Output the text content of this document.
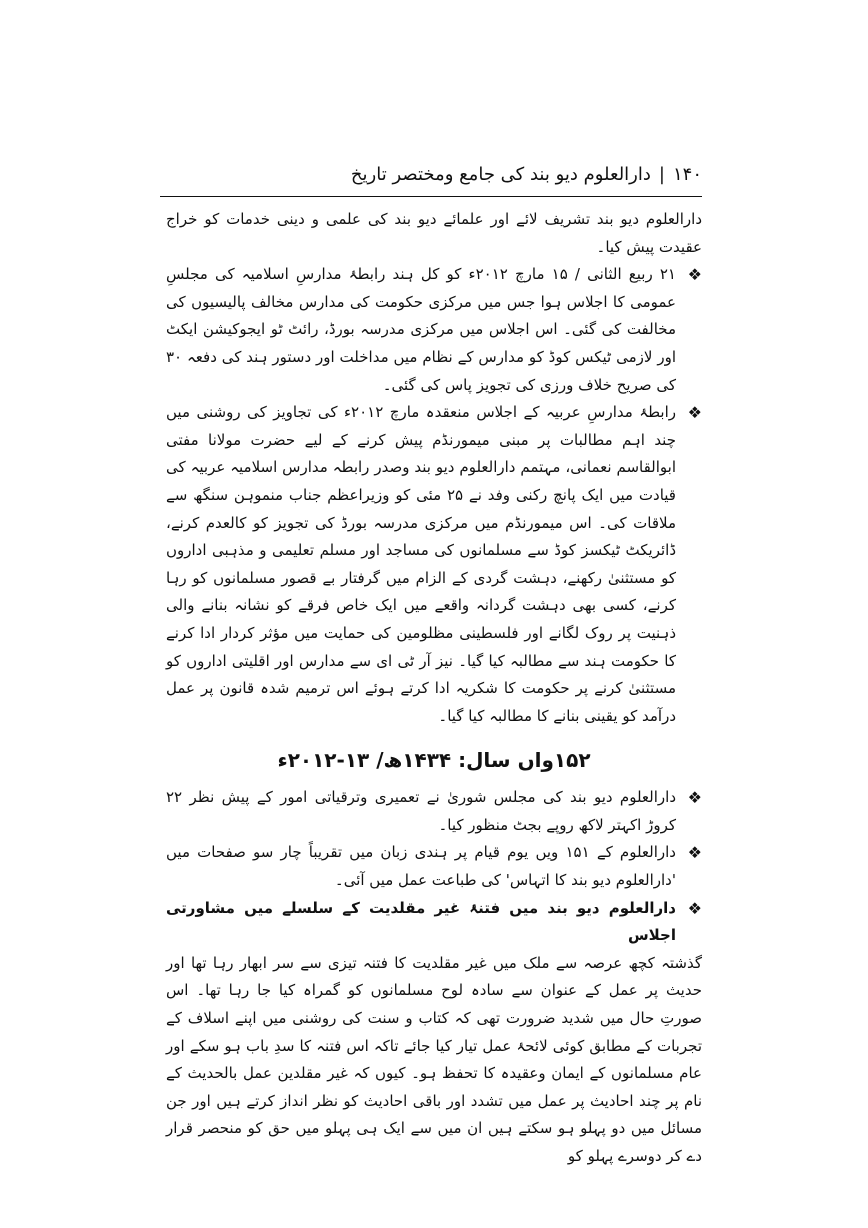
۱۴۰
|
دارالعلوم دیو بند کی جامع ومختصر تاریخ

دارالعلوم دیو بند تشریف لائے اور علمائے دیو بند کی علمی و دینی خدمات کو خراج عقیدت پیش کیا۔

❖
۲۱ ربیع الثانی / ۱۵ مارچ ۲۰۱۲ء کو کل ہند رابطۂ مدارسِ اسلامیہ کی مجلسِ عمومی کا اجلاس ہوا جس میں مرکزی حکومت کی مدارس مخالف پالیسیوں کی مخالفت کی گئی۔ اس اجلاس میں مرکزی مدرسہ بورڈ، رائٹ ٹو ایجوکیشن ایکٹ اور لازمی ٹیکس کوڈ کو مدارس کے نظام میں مداخلت اور دستور ہند کی دفعہ ۳۰ کی صریح خلاف ورزی کی تجویز پاس کی گئی۔
❖
رابطۂ مدارسِ عربیہ کے اجلاس منعقدہ مارچ ۲۰۱۲ء کی تجاویز کی روشنی میں چند اہم مطالبات پر مبنی میمورنڈم پیش کرنے کے لیے حضرت مولانا مفتی ابوالقاسم نعمانی، مہتمم دارالعلوم دیو بند وصدر رابطہ مدارس اسلامیہ عربیہ کی قیادت میں ایک پانچ رکنی وفد نے ۲۵ مئی کو وزیراعظم جناب منموہن سنگھ سے ملاقات کی۔ اس میمورنڈم میں مرکزی مدرسہ بورڈ کی تجویز کو کالعدم کرنے، ڈائریکٹ ٹیکسز کوڈ سے مسلمانوں کی مساجد اور مسلم تعلیمی و مذہبی اداروں کو مستثنیٰ رکھنے، دہشت گردی کے الزام میں گرفتار بے قصور مسلمانوں کو رہا کرنے، کسی بھی دہشت گردانہ واقعے میں ایک خاص فرقے کو نشانہ بنانے والی ذہنیت پر روک لگانے اور فلسطینی مظلومین کی حمایت میں مؤثر کردار ادا کرنے کا حکومت ہند سے مطالبہ کیا گیا۔ نیز آر ٹی ای سے مدارس اور اقلیتی اداروں کو مستثنیٰ کرنے پر حکومت کا شکریہ ادا کرتے ہوئے اس ترمیم شدہ قانون پر عمل درآمد کو یقینی بنانے کا مطالبہ کیا گیا۔
۱۵۲واں سال: ۱۴۳۴ھ/ ۱۳-۲۰۱۲ء
❖
دارالعلوم دیو بند کی مجلس شوریٰ نے تعمیری وترقیاتی امور کے پیش نظر ۲۲ کروڑ اکہتر لاکھ روپے بجٹ منظور کیا۔
❖
دارالعلوم کے ۱۵۱ ویں یوم قیام پر ہندی زبان میں تقریباً چار سو صفحات میں 'دارالعلوم دیو بند کا اتہاس' کی طباعت عمل میں آئی۔
❖
دارالعلوم دیو بند میں فتنۂ غیر مقلدیت کے سلسلے میں مشاورتی اجلاس

گذشتہ کچھ عرصہ سے ملک میں غیر مقلدیت کا فتنہ تیزی سے سر ابھار رہا تھا اور حدیث پر عمل کے عنوان سے سادہ لوح مسلمانوں کو گمراہ کیا جا رہا تھا۔ اس صورتِ حال میں شدید ضرورت تھی کہ کتاب و سنت کی روشنی میں اپنے اسلاف کے تجربات کے مطابق کوئی لائحۂ عمل تیار کیا جائے تاکہ اس فتنہ کا سدِ باب ہو سکے اور عام مسلمانوں کے ایمان وعقیدہ کا تحفظ ہو۔ کیوں کہ غیر مقلدین عمل بالحدیث کے نام پر چند احادیث پر عمل میں تشدد اور باقی احادیث کو نظر انداز کرتے ہیں اور جن مسائل میں دو پہلو ہو سکتے ہیں ان میں سے ایک ہی پہلو میں حق کو منحصر قرار دے کر دوسرے پہلو کو
